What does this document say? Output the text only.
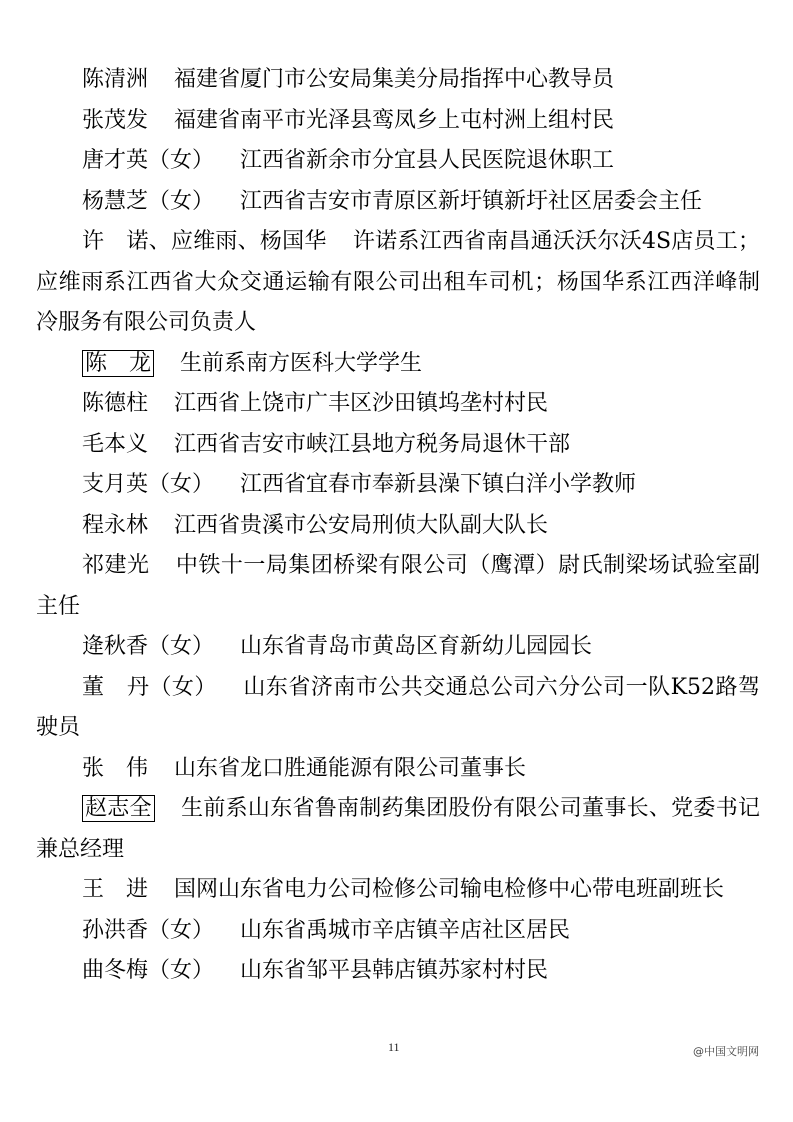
陈清洲 福建省厦门市公安局集美分局指挥中心教导员

张茂发 福建省南平市光泽县鸾凤乡上屯村洲上组村民

唐才英（女） 江西省新余市分宜县人民医院退休职工

杨慧芝（女） 江西省吉安市青原区新圩镇新圩社区居委会主任

许　诺、应维雨、杨国华 许诺系江西省南昌通沃沃尔沃4S店员工；应维雨系江西省大众交通运输有限公司出租车司机；杨国华系江西洋峰制冷服务有限公司负责人

陈　龙 生前系南方医科大学学生

陈德柱 江西省上饶市广丰区沙田镇坞垄村村民

毛本义 江西省吉安市峡江县地方税务局退休干部

支月英（女） 江西省宜春市奉新县澡下镇白洋小学教师

程永林 江西省贵溪市公安局刑侦大队副大队长

祁建光 中铁十一局集团桥梁有限公司（鹰潭）尉氏制梁场试验室副主任

逄秋香（女） 山东省青岛市黄岛区育新幼儿园园长

董　丹（女） 山东省济南市公共交通总公司六分公司一队K52路驾驶员

张　伟 山东省龙口胜通能源有限公司董事长

赵志全 生前系山东省鲁南制药集团股份有限公司董事长、党委书记兼总经理

王　进 国网山东省电力公司检修公司输电检修中心带电班副班长

孙洪香（女） 山东省禹城市辛店镇辛店社区居民

曲冬梅（女） 山东省邹平县韩店镇苏家村村民

11	@中国文明网
